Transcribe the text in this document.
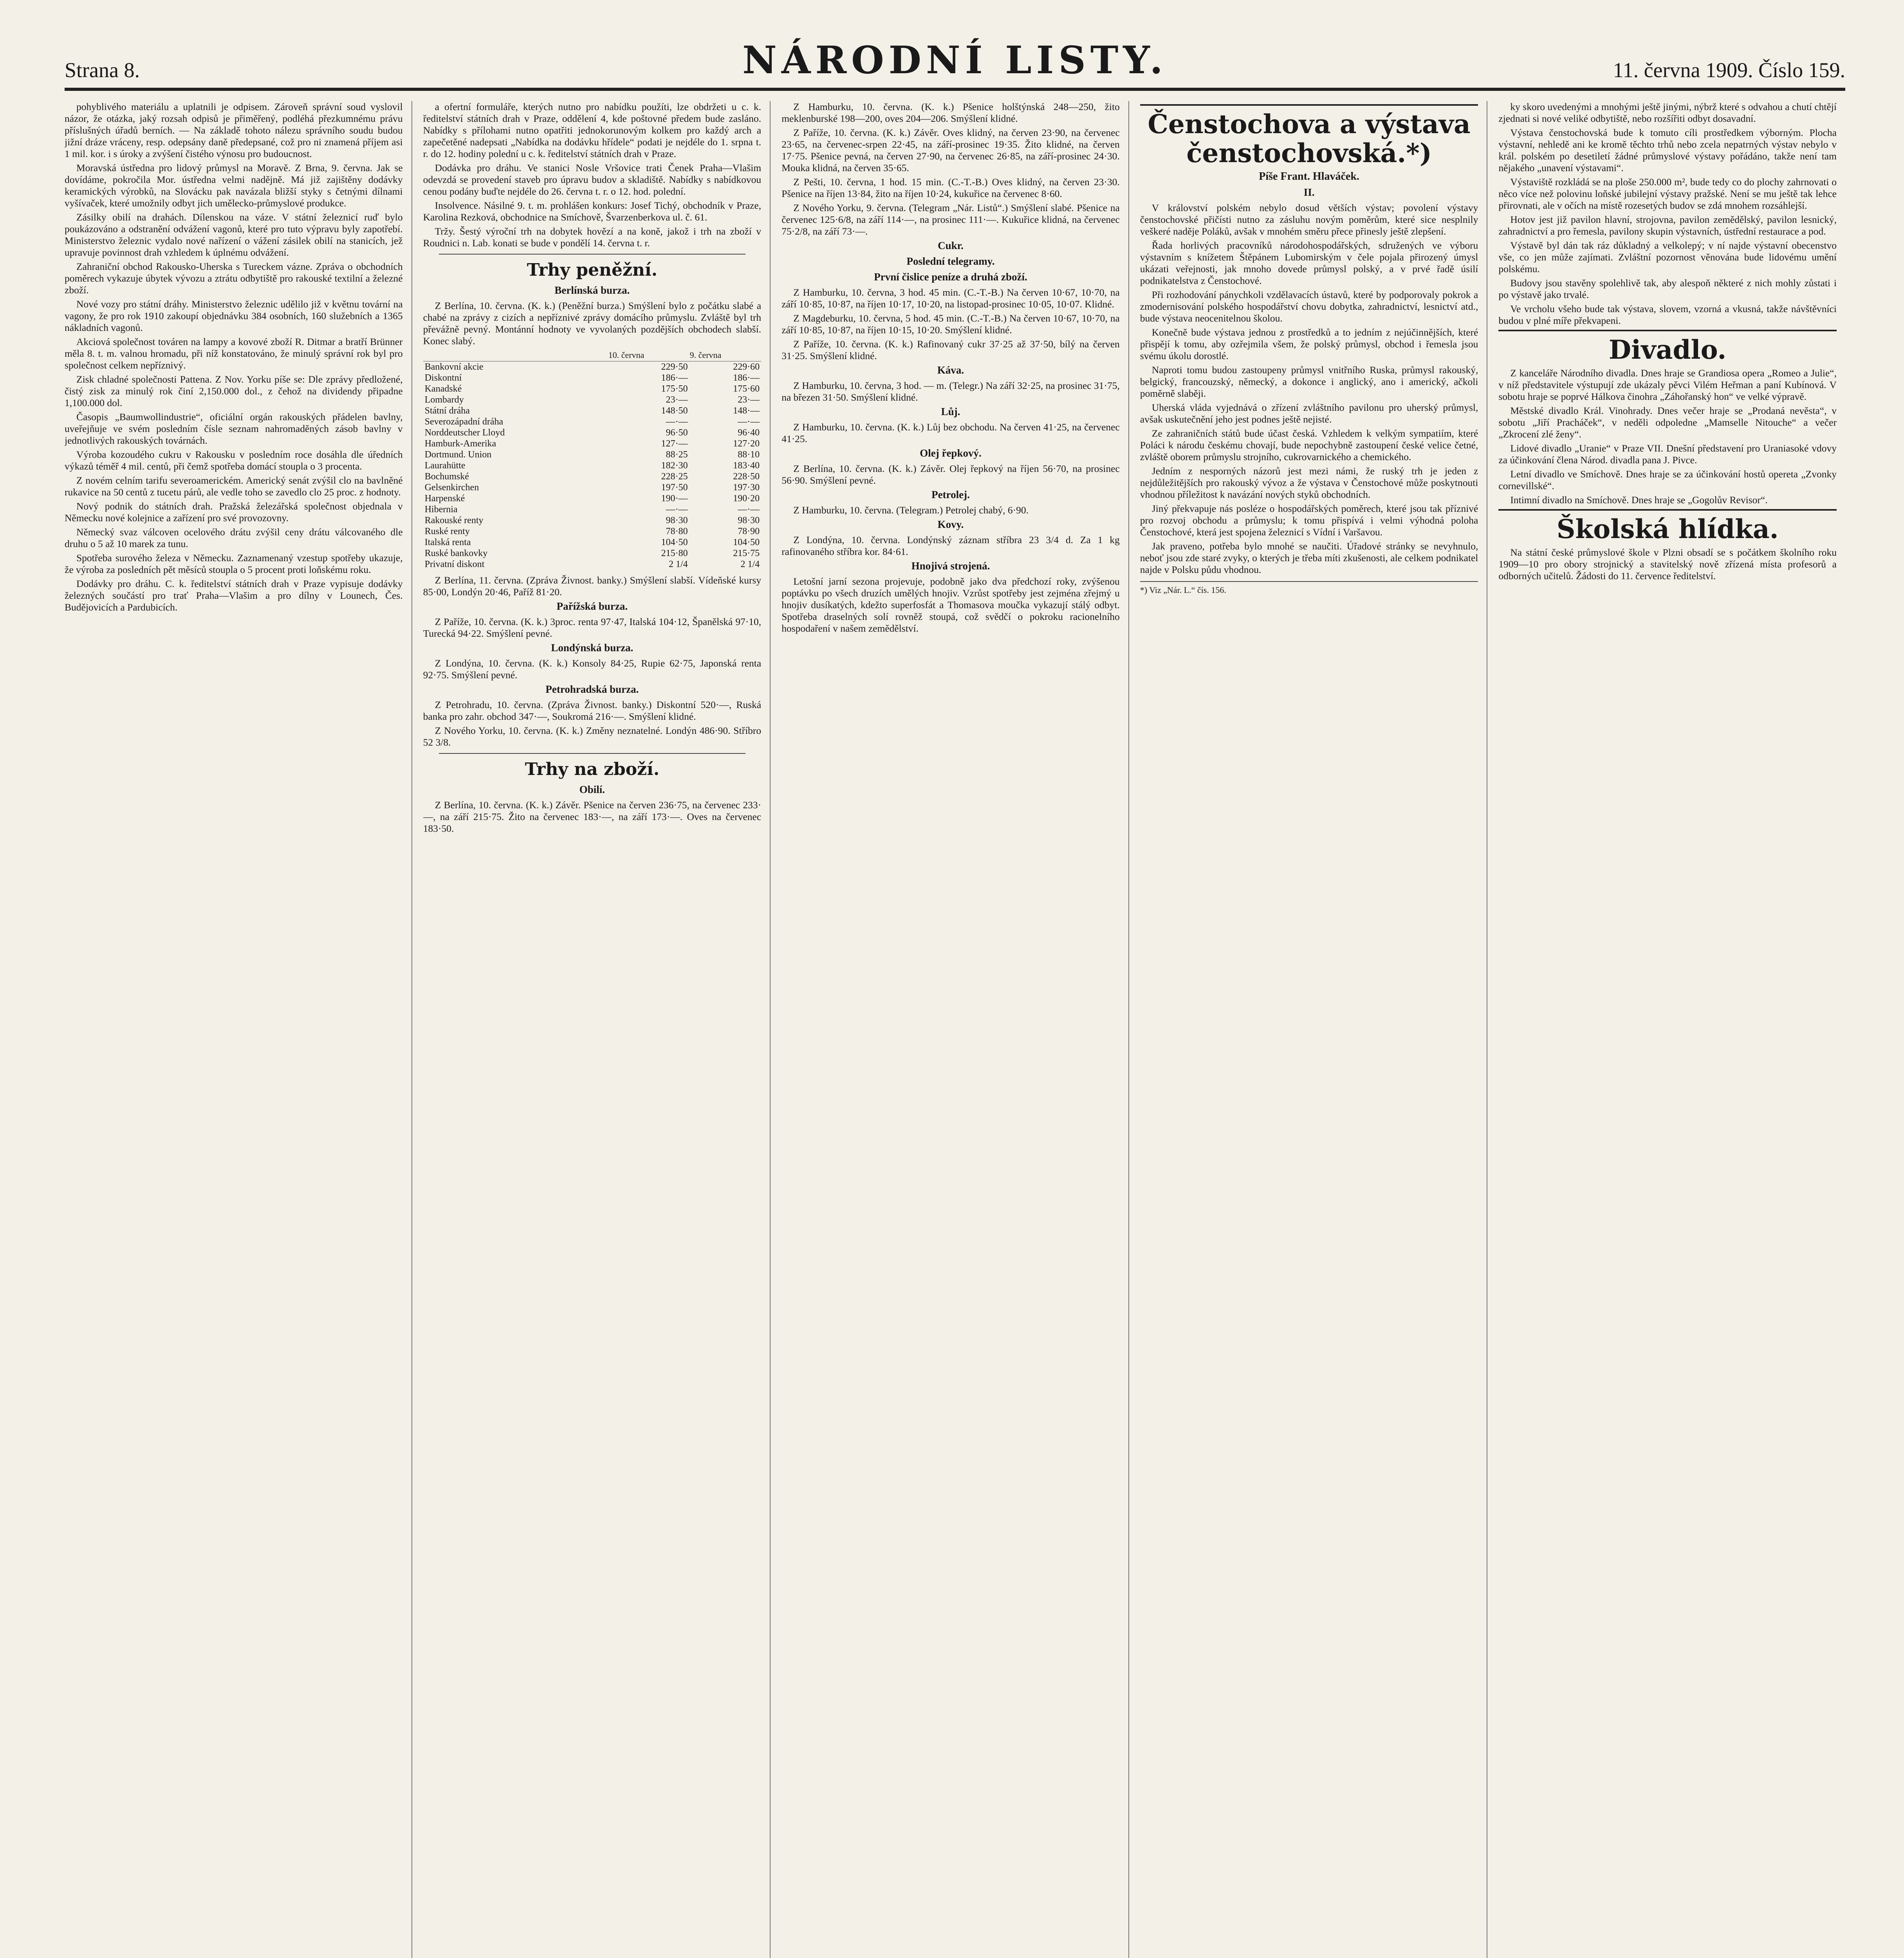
Strana 8.	NÁRODNÍ LISTY.	11. června 1909. Číslo 159.

pohyblivého materiálu a uplatnili je odpisem. Zároveň správní soud vyslovil názor, že otázka, jaký rozsah odpisů je přiměřený, podléhá přezkumnému právu příslušných úřadů berních. — Na základě tohoto nálezu správního soudu budou jižní dráze vráceny, resp. odepsány daně předepsané, což pro ni znamená příjem asi 1 mil. kor. i s úroky a zvýšení čistého výnosu pro budoucnost.

Moravská ústředna pro lidový průmysl na Moravě. Z Brna, 9. června. Jak se dovídáme, pokročila Mor. ústředna velmi nadějně. Má již zajištěny dodávky keramických výrobků, na Slovácku pak navázala bližší styky s četnými dílnami vyšívaček, které umožnily odbyt jich umělecko-průmyslové produkce.

Zásilky obilí na drahách. Dílenskou na váze. V státní železnicí ruď bylo poukázováno a odstranění odvážení vagonů, které pro tuto výpravu byly zapotřebí. Ministerstvo železnic vydalo nové nařízení o vážení zásilek obilí na stanicích, jež upravuje povinnost drah vzhledem k úplnému odvážení.

Zahraniční obchod Rakousko-Uherska s Tureckem vázne. Zpráva o obchodních poměrech vykazuje úbytek vývozu a ztrátu odbytiště pro rakouské textilní a železné zboží.

Nové vozy pro státní dráhy. Ministerstvo železnic udělilo již v květnu tovární na vagony, že pro rok 1910 zakoupí objednávku 384 osobních, 160 služebních a 1365 nákladních vagonů.

Akciová společnost továren na lampy a kovové zboží R. Ditmar a bratří Brünner měla 8. t. m. valnou hromadu, při níž konstatováno, že minulý správní rok byl pro společnost celkem nepříznivý.

Zisk chladné společnosti Pattena. Z Nov. Yorku píše se: Dle zprávy předložené, čistý zisk za minulý rok činí 2,150.000 dol., z čehož na dividendy připadne 1,100.000 dol.

Časopis „Baumwollindustrie“, oficiální orgán rakouských přádelen bavlny, uveřejňuje ve svém posledním čísle seznam nahromaděných zásob bavlny v jednotlivých rakouských továrnách.

Výroba kozoudého cukru v Rakousku v posledním roce dosáhla dle úředních výkazů téměř 4 mil. centů, při čemž spotřeba domácí stoupla o 3 procenta.

Z novém celním tarifu severoamerickém. Americký senát zvýšil clo na bavlněné rukavice na 50 centů z tucetu párů, ale vedle toho se zavedlo clo 25 proc. z hodnoty.

Nový podnik do státních drah. Pražská železářská společnost objednala v Německu nové kolejnice a zařízení pro své provozovny.

Německý svaz válcoven ocelového drátu zvýšil ceny drátu válcovaného dle druhu o 5 až 10 marek za tunu.

Spotřeba surového železa v Německu. Zaznamenaný vzestup spotřeby ukazuje, že výroba za posledních pět měsíců stoupla o 5 procent proti loňskému roku.

Dodávky pro dráhu. C. k. ředitelství státních drah v Praze vypisuje dodávky železných součástí pro trať Praha—Vlašim a pro dílny v Lounech, Čes. Budějovicích a Pardubicích.

a ofertní formuláře, kterých nutno pro nabídku použíti, lze obdržeti u c. k. ředitelství státních drah v Praze, oddělení 4, kde poštovné předem bude zasláno. Nabídky s přílohami nutno opatřiti jednokorunovým kolkem pro každý arch a zapečetěné nadepsati „Nabídka na dodávku hřídele“ podati je nejdéle do 1. srpna t. r. do 12. hodiny polední u c. k. ředitelství státních drah v Praze.

Dodávka pro dráhu. Ve stanici Nosle Vršovice trati Čenek Praha—Vlašim odevzdá se provedení staveb pro úpravu budov a skladiště. Nabídky s nabídkovou cenou podány buďte nejdéle do 26. června t. r. o 12. hod. polední.

Insolvence. Násilné 9. t. m. prohlášen konkurs: Josef Tichý, obchodník v Praze, Karolina Rezková, obchodnice na Smíchově, Švarzenberkova ul. č. 61.

Tržy. Šestý výroční trh na dobytek hovězí a na koně, jakož i trh na zboží v Roudnici n. Lab. konati se bude v pondělí 14. června t. r.

Trhy peněžní.
Berlínská burza.

Z Berlína, 10. června. (K. k.) (Peněžní burza.) Smýšlení bylo z počátku slabé a chabé na zprávy z cizích a nepříznivé zprávy domácího průmyslu. Zvláště byl trh převážně pevný. Montánní hodnoty ve vyvolaných pozdějších obchodech slabší. Konec slabý.

	10. června	9. června
Bankovní akcie	229·50	229·60
Diskontní	186·—	186·—
Kanadské	175·50	175·60
Lombardy	23·—	23·—
Státní dráha	148·50	148·—
Severozápadní dráha	—·—	—·—
Norddeutscher Lloyd	96·50	96·40
Hamburk-Amerika	127·—	127·20
Dortmund. Union	88·25	88·10
Laurahütte	182·30	183·40
Bochumské	228·25	228·50
Gelsenkirchen	197·50	197·30
Harpenské	190·—	190·20
Hibernia	—·—	—·—
Rakouské renty	98·30	98·30
Ruské renty	78·80	78·90
Italská renta	104·50	104·50
Ruské bankovky	215·80	215·75
Privatní diskont	2 1/4	2 1/4

Z Berlína, 11. června. (Zpráva Živnost. banky.) Smýšlení slabší. Vídeňské kursy 85·00, Londýn 20·46, Paříž 81·20.

Pařížská burza.

Z Paříže, 10. června. (K. k.) 3proc. renta 97·47, Italská 104·12, Španělská 97·10, Turecká 94·22. Smýšlení pevné.

Londýnská burza.

Z Londýna, 10. června. (K. k.) Konsoly 84·25, Rupie 62·75, Japonská renta 92·75. Smýšlení pevné.

Petrohradská burza.

Z Petrohradu, 10. června. (Zpráva Živnost. banky.) Diskontní 520·—, Ruská banka pro zahr. obchod 347·—, Soukromá 216·—. Smýšlení klidné.

Z Nového Yorku, 10. června. (K. k.) Změny neznatelné. Londýn 486·90. Stříbro 52 3/8.

Trhy na zboží.
Obilí.

Z Berlína, 10. června. (K. k.) Závěr. Pšenice na červen 236·75, na červenec 233·—, na září 215·75. Žito na červenec 183·—, na září 173·—. Oves na červenec 183·50.

Z Hamburku, 10. června. (K. k.) Pšenice holštýnská 248—250, žito meklenburské 198—200, oves 204—206. Smýšlení klidné.

Z Paříže, 10. června. (K. k.) Závěr. Oves klidný, na červen 23·90, na červenec 23·65, na červenec-srpen 22·45, na září-prosinec 19·35. Žito klidné, na červen 17·75. Pšenice pevná, na červen 27·90, na červenec 26·85, na září-prosinec 24·30. Mouka klidná, na červen 35·65.

Z Pešti, 10. června, 1 hod. 15 min. (C.-T.-B.) Oves klidný, na červen 23·30. Pšenice na říjen 13·84, žito na říjen 10·24, kukuřice na červenec 8·60.

Z Nového Yorku, 9. června. (Telegram „Nár. Listů“.) Smýšlení slabé. Pšenice na červenec 125·6/8, na září 114·—, na prosinec 111·—. Kukuřice klidná, na červenec 75·2/8, na září 73·—.

Cukr.
Poslední telegramy.
První čislice peníze a druhá zboží.

Z Hamburku, 10. června, 3 hod. 45 min. (C.-T.-B.) Na červen 10·67, 10·70, na září 10·85, 10·87, na říjen 10·17, 10·20, na listopad-prosinec 10·05, 10·07. Klidné.

Z Magdeburku, 10. června, 5 hod. 45 min. (C.-T.-B.) Na červen 10·67, 10·70, na září 10·85, 10·87, na říjen 10·15, 10·20. Smýšlení klidné.

Z Paříže, 10. června. (K. k.) Rafinovaný cukr 37·25 až 37·50, bílý na červen 31·25. Smýšlení klidné.

Káva.

Z Hamburku, 10. června, 3 hod. — m. (Telegr.) Na září 32·25, na prosinec 31·75, na březen 31·50. Smýšlení klidné.

Lůj.

Z Hamburku, 10. června. (K. k.) Lůj bez obchodu. Na červen 41·25, na červenec 41·25.

Olej řepkový.

Z Berlína, 10. června. (K. k.) Závěr. Olej řepkový na říjen 56·70, na prosinec 56·90. Smýšlení pevné.

Petrolej.

Z Hamburku, 10. června. (Telegram.) Petrolej chabý, 6·90.

Kovy.

Z Londýna, 10. června. Londýnský záznam stříbra 23 3/4 d. Za 1 kg rafinovaného stříbra kor. 84·61.

Hnojivá strojená.

Letošní jarní sezona projevuje, podobně jako dva předchozí roky, zvýšenou poptávku po všech druzích umělých hnojiv. Vzrůst spotřeby jest zejména zřejmý u hnojiv dusíkatých, kdežto superfosfát a Thomasova moučka vykazují stálý odbyt. Spotřeba draselných solí rovněž stoupá, což svědčí o pokroku racionelního hospodaření v našem zemědělství.

Čenstochova a výstava čenstochovská.*)
Píše Frant. Hlaváček.
II.

V království polském nebylo dosud větších výstav; povolení výstavy čenstochovské přičísti nutno za zásluhu novým poměrům, které sice nesplnily veškeré naděje Poláků, avšak v mnohém směru přece přinesly ještě zlepšení.

Řada horlivých pracovníků národohospodářských, sdružených ve výboru výstavním s knížetem Štěpánem Lubomirským v čele pojala přirozený úmysl ukázati veřejnosti, jak mnoho dovede průmysl polský, a v prvé řadě úsilí podnikatelstva z Čenstochové.

Při rozhodování pánychkoli vzdělavacích ústavů, které by podporovaly pokrok a zmodernisování polského hospodářství chovu dobytka, zahradnictví, lesnictví atd., bude výstava neocenitelnou školou.

Konečně bude výstava jednou z prostředků a to jedním z nejúčinnějších, které přispějí k tomu, aby ozřejmila všem, že polský průmysl, obchod i řemesla jsou svému úkolu dorostlé.

Naproti tomu budou zastoupeny průmysl vnitřního Ruska, průmysl rakouský, belgický, francouzský, německý, a dokonce i anglický, ano i americký, ačkoli poměrně slaběji.

Uherská vláda vyjednává o zřízení zvláštního pavilonu pro uherský průmysl, avšak uskutečnění jeho jest podnes ještě nejisté.

Ze zahraničních států bude účast česká. Vzhledem k velkým sympatiím, které Poláci k národu českému chovají, bude nepochybně zastoupení české velice četné, zvláště oborem průmyslu strojního, cukrovarnického a chemického.

Jedním z nesporných názorů jest mezi námi, že ruský trh je jeden z nejdůležitějších pro rakouský vývoz a že výstava v Čenstochové může poskytnouti vhodnou příležitost k navázání nových styků obchodních.

Jiný překvapuje nás posléze o hospodářských poměrech, které jsou tak příznivé pro rozvoj obchodu a průmyslu; k tomu přispívá i velmi výhodná poloha Čenstochové, která jest spojena železnicí s Vídní i Varšavou.

Jak pravenо, potřeba bylo mnohé se naučiti. Úřadové stránky se nevyhnulo, neboť jsou zde staré zvyky, o kterých je třeba míti zkušenosti, ale celkem podnikatel najde v Polsku půdu vhodnou.

*) Viz „Nár. L.“ čís. 156.

ky skoro uvedenými a mnohými ještě jinými, nýbrž které s odvahou a chutí chtějí zjednati si nové veliké odbytiště, nebo rozšířiti odbyt dosavadní.

Výstava čenstochovská bude k tomuto cíli prostředkem výborným. Plocha výstavní, nehledě ani ke kromě těchto trhů nebo zcela nepatrných výstav nebylo v král. polském po desetiletí žádné průmyslové výstavy pořádáno, takže není tam nějakého „unavení výstavami“.

Výstaviště rozkládá se na ploše 250.000 m², bude tedy co do plochy zahrnovati o něco více než polovinu loňské jubilejní výstavy pražské. Není se mu ještě tak lehce přirovnati, ale v očích na místě rozesetých budov se zdá mnohem rozsáhlejší.

Hotov jest již pavilon hlavní, strojovna, pavilon zemědělský, pavilon lesnický, zahradnictví a pro řemesla, pavilony skupin výstavních, ústřední restaurace a pod.

Výstavě byl dán tak ráz důkladný a velkolepý; v ní najde výstavní obecenstvo vše, co jen může zajímati. Zvláštní pozornost věnována bude lidovému umění polskému.

Budovy jsou stavěny spolehlivě tak, aby alespoň některé z nich mohly zůstati i po výstavě jako trvalé.

Ve vrcholu všeho bude tak výstava, slovem, vzorná a vkusná, takže návštěvníci budou v plné míře překvapeni.

Divadlo.

Z kanceláře Národního divadla. Dnes hraje se Grandiosa opera „Romeo a Julie“, v níž představitele výstupují zde ukázaly pěvci Vilém Heřman a paní Kubínová. V sobotu hraje se poprvé Hálkova činohra „Záhořanský hon“ ve velké výpravě.

Městské divadlo Král. Vinohrady. Dnes večer hraje se „Prodaná nevěsta“, v sobotu „Jiří Pracháček“, v neděli odpoledne „Mamselle Nitouche“ a večer „Zkrocení zlé ženy“.

Lidové divadlo „Uranie“ v Praze VII. Dnešní představení pro Uraniasoké vdovy za účinkování člena Národ. divadla pana J. Pivce.

Letní divadlo ve Smíchově. Dnes hraje se za účinkování hostů opereta „Zvonky cornevillské“.

Intimní divadlo na Smíchově. Dnes hraje se „Gogolův Revisor“.

Školská hlídka.

Na státní české průmyslové škole v Plzni obsadí se s počátkem školního roku 1909—10 pro obory strojnický a stavitelský nově zřízená místa profesorů a odborných učitelů. Žádosti do 11. července ředitelství.
